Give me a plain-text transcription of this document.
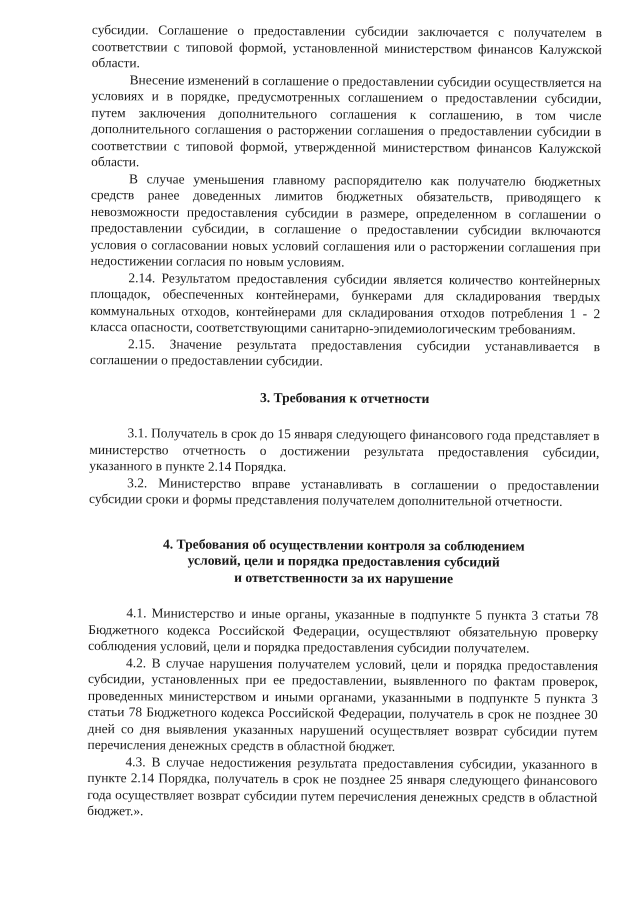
субсидии. Соглашение о предоставлении субсидии заключается с получателем в соответствии с типовой формой, установленной министерством финансов Калужской области.

Внесение изменений в соглашение о предоставлении субсидии осуществляется на условиях и в порядке, предусмотренных соглашением о предоставлении субсидии, путем заключения дополнительного соглашения к соглашению, в том числе дополнительного соглашения о расторжении соглашения о предоставлении субсидии в соответствии с типовой формой, утвержденной министерством финансов Калужской области.

В случае уменьшения главному распорядителю как получателю бюджетных средств ранее доведенных лимитов бюджетных обязательств, приводящего к невозможности предоставления субсидии в размере, определенном в соглашении о предоставлении субсидии, в соглашение о предоставлении субсидии включаются условия о согласовании новых условий соглашения или о расторжении соглашения при недостижении согласия по новым условиям.

2.14. Результатом предоставления субсидии является количество контейнерных площадок, обеспеченных контейнерами, бункерами для складирования твердых коммунальных отходов, контейнерами для складирования отходов потребления 1 - 2 класса опасности, соответствующими санитарно-эпидемиологическим требованиям.

2.15. Значение результата предоставления субсидии устанавливается в соглашении о предоставлении субсидии.

3. Требования к отчетности

3.1. Получатель в срок до 15 января следующего финансового года представляет в министерство отчетность о достижении результата предоставления субсидии, указанного в пункте 2.14 Порядка.

3.2. Министерство вправе устанавливать в соглашении о предоставлении субсидии сроки и формы представления получателем дополнительной отчетности.

4. Требования об осуществлении контроля за соблюдением
условий, цели и порядка предоставления субсидий
и ответственности за их нарушение

4.1. Министерство и иные органы, указанные в подпункте 5 пункта 3 статьи 78 Бюджетного кодекса Российской Федерации, осуществляют обязательную проверку соблюдения условий, цели и порядка предоставления субсидии получателем.

4.2. В случае нарушения получателем условий, цели и порядка предоставления субсидии, установленных при ее предоставлении, выявленного по фактам проверок, проведенных министерством и иными органами, указанными в подпункте 5 пункта 3 статьи 78 Бюджетного кодекса Российской Федерации, получатель в срок не позднее 30 дней со дня выявления указанных нарушений осуществляет возврат субсидии путем перечисления денежных средств в областной бюджет.

4.3. В случае недостижения результата предоставления субсидии, указанного в пункте 2.14 Порядка, получатель в срок не позднее 25 января следующего финансового года осуществляет возврат субсидии путем перечисления денежных средств в областной бюджет.».
